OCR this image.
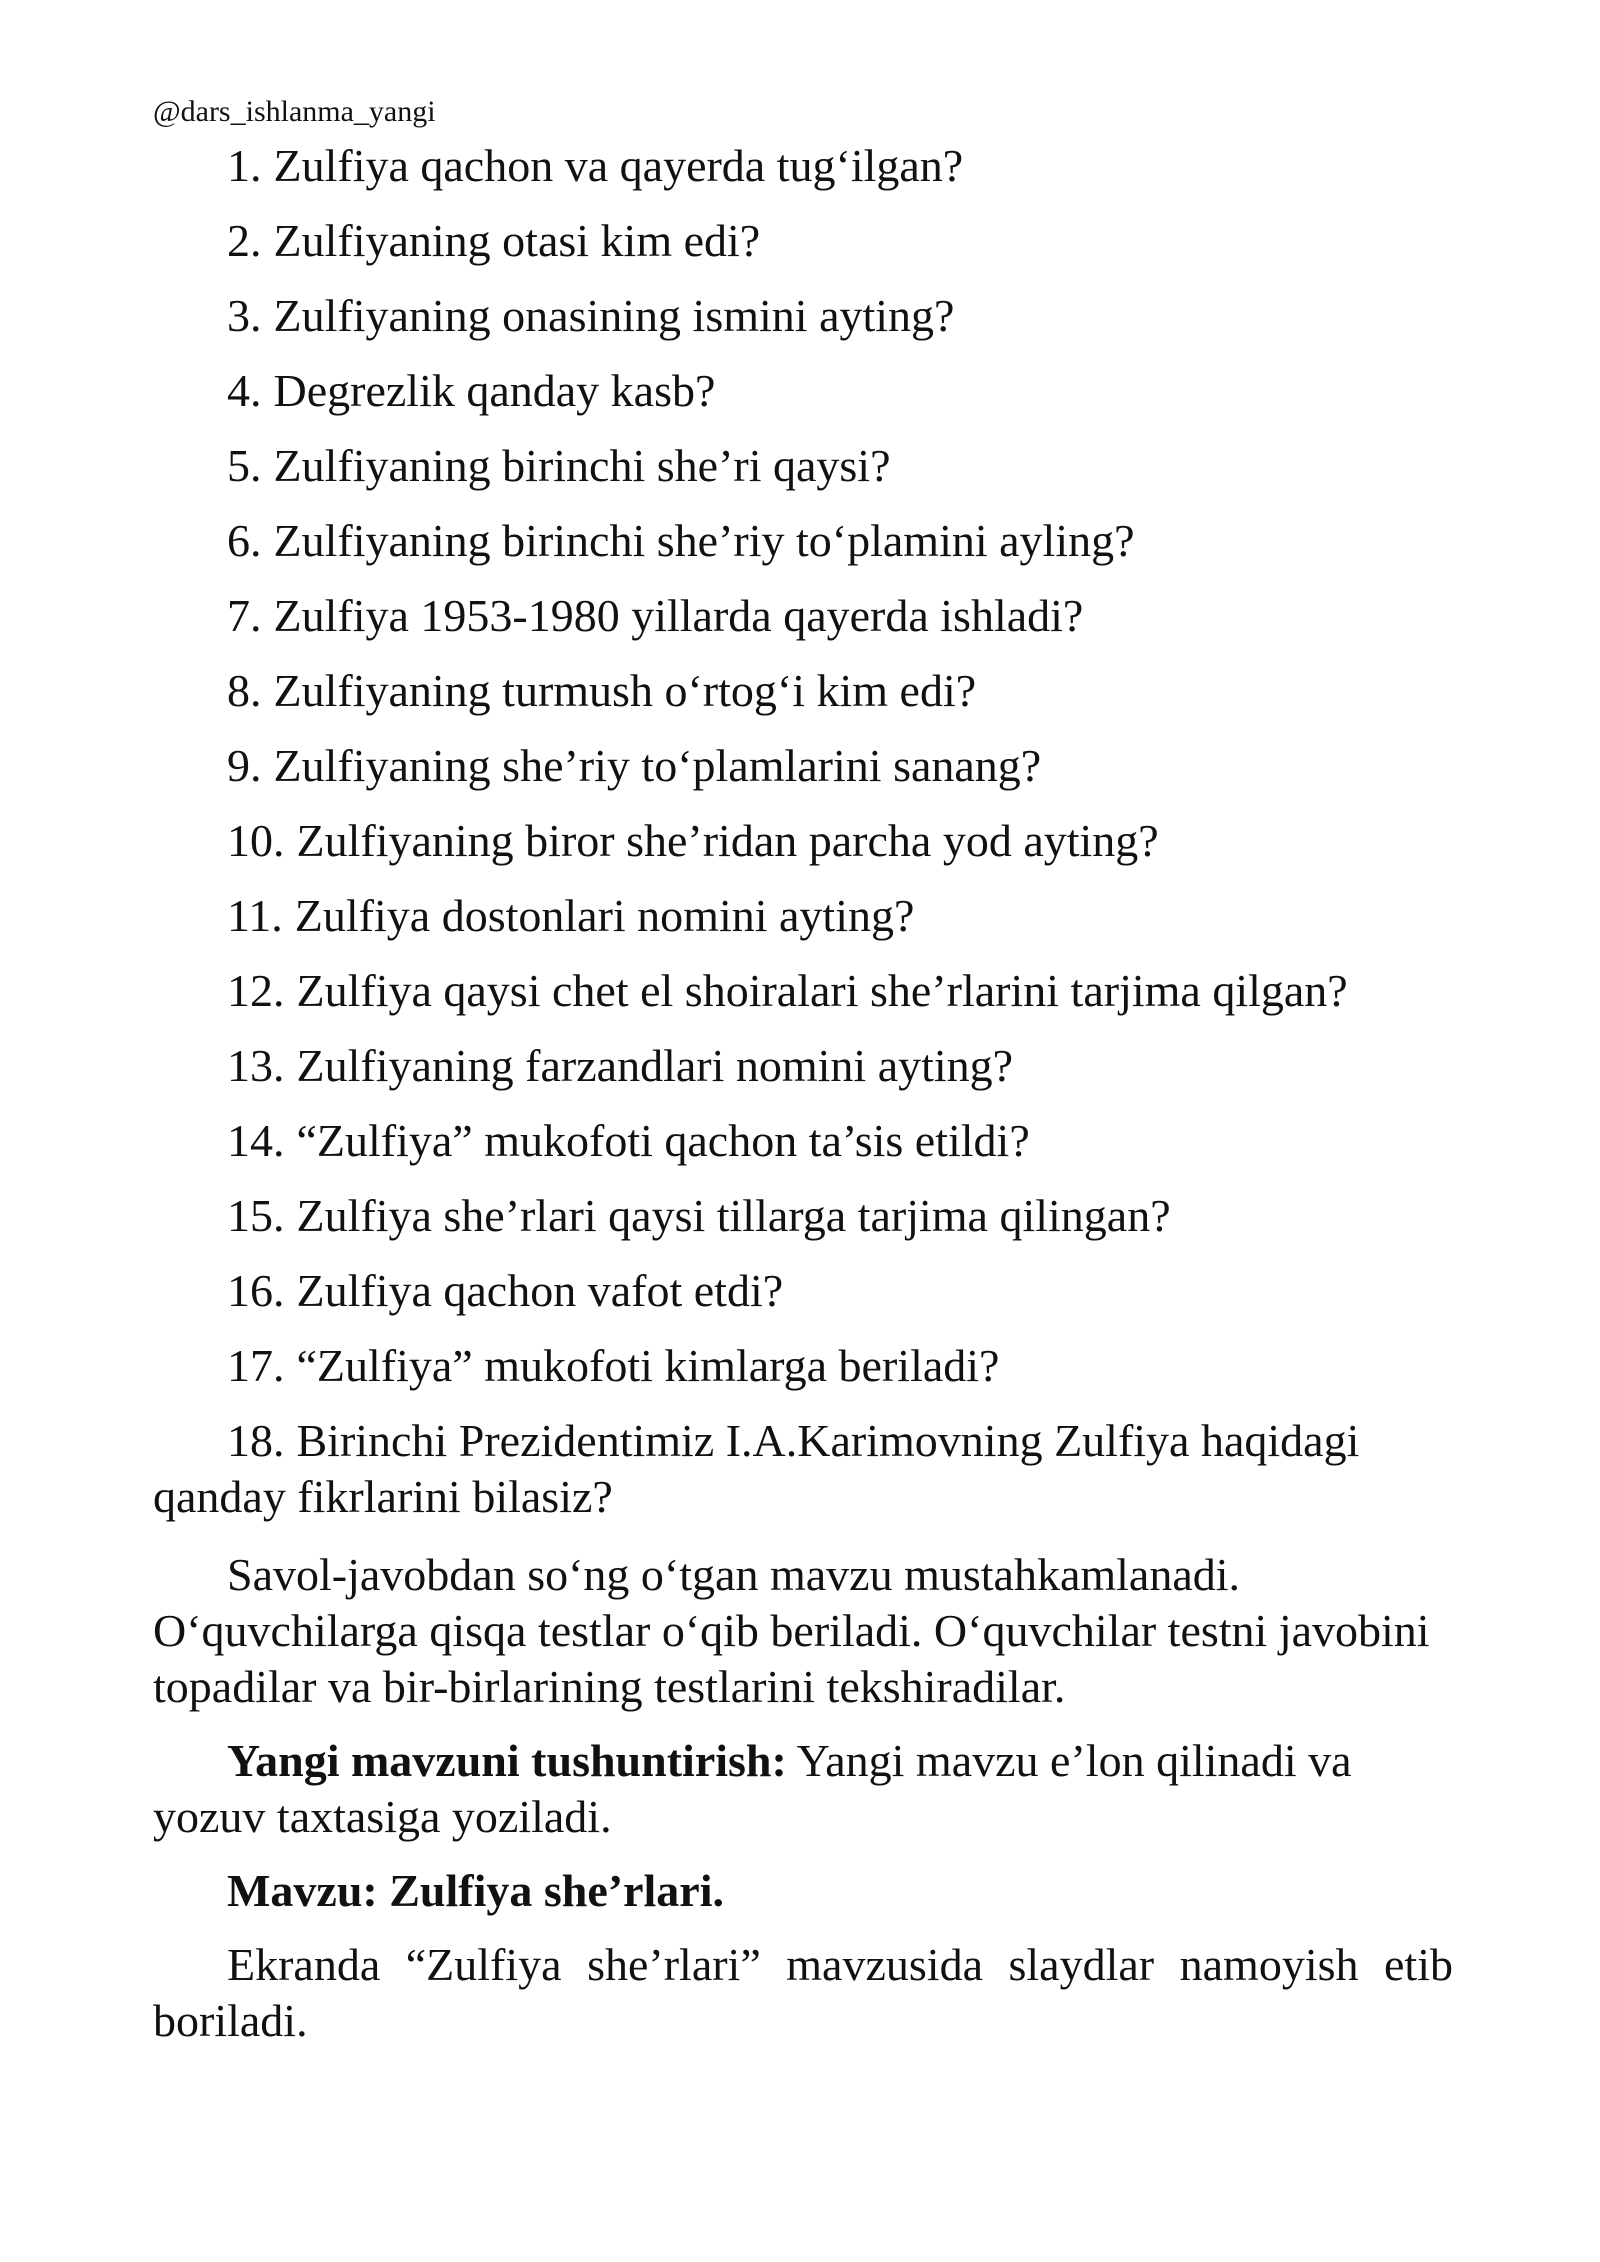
@dars_ishlanma_yangi
1. Zulfiya qachon va qayerda tug‘ilgan?
2. Zulfiyaning otasi kim edi?
3. Zulfiyaning onasining ismini ayting?
4. Degrezlik qanday kasb?
5. Zulfiyaning birinchi she’ri qaysi?
6. Zulfiyaning birinchi she’riy to‘plamini ayling?
7. Zulfiya 1953-1980 yillarda qayerda ishladi?
8. Zulfiyaning turmush o‘rtog‘i kim edi?
9. Zulfiyaning she’riy to‘plamlarini sanang?
10. Zulfiyaning biror she’ridan parcha yod ayting?
11. Zulfiya dostonlari nomini ayting?
12. Zulfiya qaysi chet el shoiralari she’rlarini tarjima qilgan?
13. Zulfiyaning farzandlari nomini ayting?
14. “Zulfiya” mukofoti qachon ta’sis etildi?
15. Zulfiya she’rlari qaysi tillarga tarjima qilingan?
16. Zulfiya qachon vafot etdi?
17. “Zulfiya” mukofoti kimlarga beriladi?
18. Birinchi Prezidentimiz I.A.Karimovning Zulfiya haqidagi qanday fikrlarini bilasiz?

Savol-javobdan so‘ng o‘tgan mavzu mustahkamlanadi. O‘quvchilarga qisqa testlar o‘qib beriladi. O‘quvchilar testni javobini topadilar va bir-birlarining testlarini tekshiradilar.

Yangi mavzuni tushuntirish: Yangi mavzu e’lon qilinadi va yozuv taxtasiga yoziladi.

Mavzu: Zulfiya she’rlari.

Ekranda “Zulfiya she’rlari” mavzusida slaydlar namoyish etib boriladi.
